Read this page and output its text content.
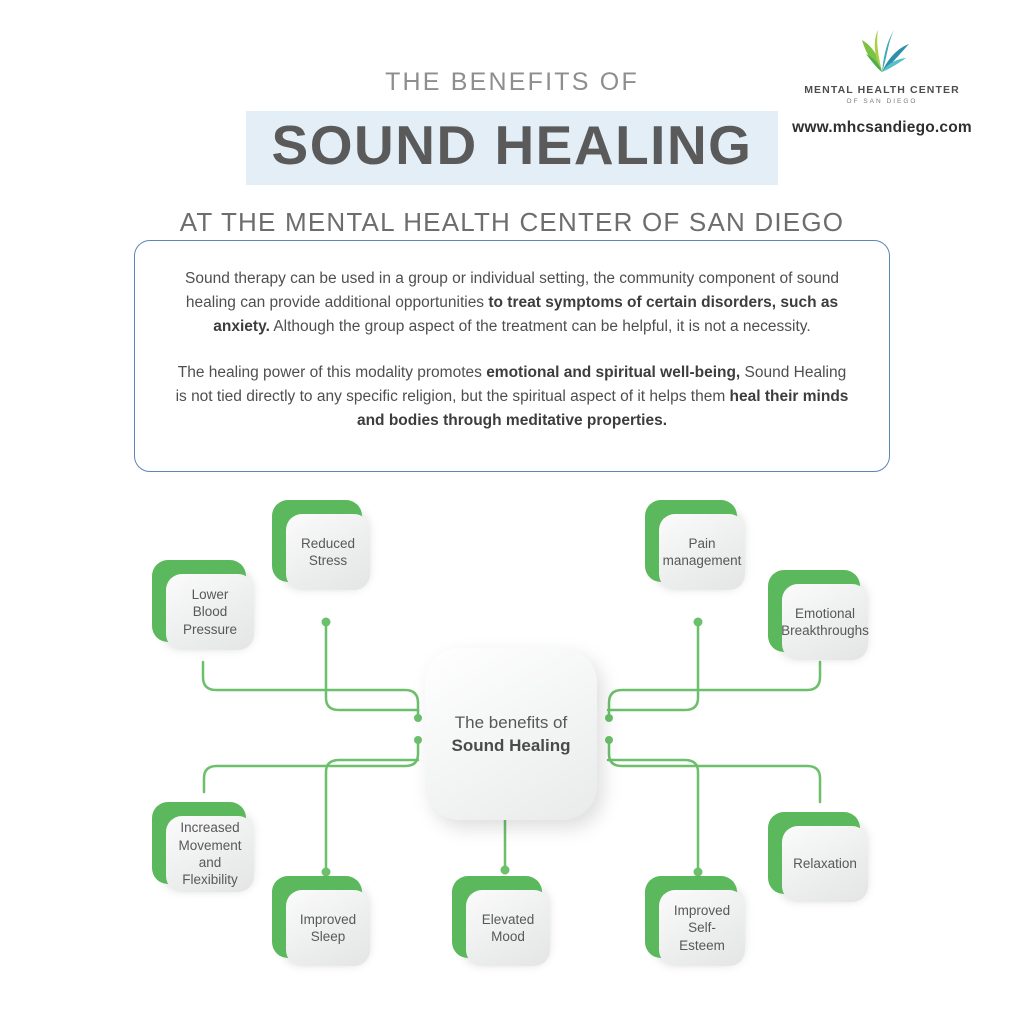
THE BENEFITS OF
SOUND HEALING
AT THE MENTAL HEALTH CENTER OF SAN DIEGO
MENTAL HEALTH CENTER
OF SAN DIEGO
www.mhcsandiego.com
Sound therapy can be used in a group or individual setting, the community component of sound healing can provide additional opportunities to treat symptoms of certain disorders, such as anxiety. Although the group aspect of the treatment can be helpful, it is not a necessity.
The healing power of this modality promotes emotional and spiritual well-being, Sound Healing is not tied directly to any specific religion, but the spiritual aspect of it helps them heal their minds and bodies through meditative properties.
Reduced
Stress
Lower Blood
Pressure
Increased
Movement
and
Flexibility
Improved
Sleep
Elevated
Mood
Improved
Self-Esteem
Relaxation
Emotional
Breakthroughs
Pain
management
The benefits of
Sound Healing
